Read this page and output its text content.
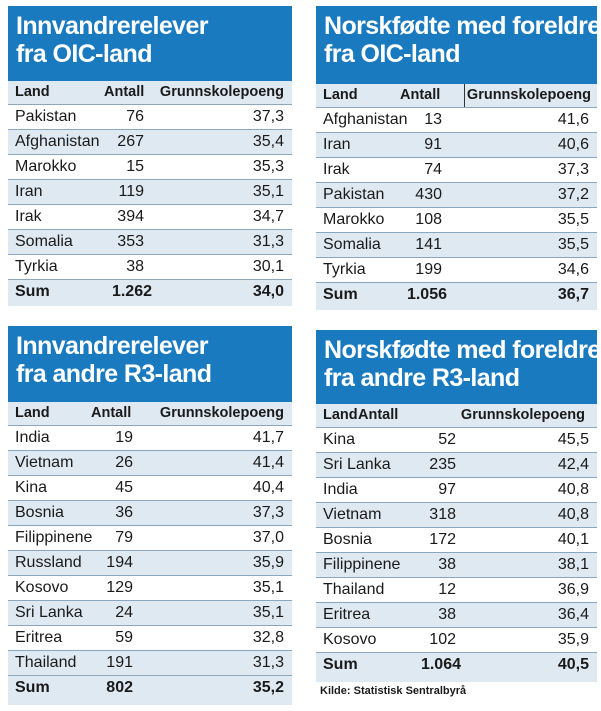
Innvandrerelever
fra OIC-land
Land	Antall Grunnskolepoeng
Pakistan	76	37,3
Afghanistan 267	35,4
Marokko	15	35,3
Iran	119	35,1
Irak	394	34,7
Somalia	353	31,3
Tyrkia	38	30,1
Sum	1.262	34,0
Norskfødte med foreldre
fra OIC-land
Land	Antall Grunnskolepoeng
Afghanistan 13	41,6
Iran	91	40,6
Irak	74	37,3
Pakistan 430	37,2
Marokko 108	35,5
Somalia 141	35,5
Tyrkia	199	34,6
Sum	1.056	36,7
Innvandrerelever
fra andre R3-land
Land	Antall Grunnskolepoeng
India	19	41,7
Vietnam	26	41,4
Kina	45	40,4
Bosnia	36	37,3
Filippinene 79	37,0
Russland 194	35,9
Kosovo 129	35,1
Sri Lanka 24	35,1
Eritrea	59	32,8
Thailand 191	31,3
Sum	802	35,2
Norskfødte med foreldre
fra andre R3-land
Land Antall	Grunnskolepoeng
Kina	52	45,5
Sri Lanka 235	42,4
India	97	40,8
Vietnam	318	40,8
Bosnia	172	40,1
Filippinene 38	38,1
Thailand	12	36,9
Eritrea	38	36,4
Kosovo	102	35,9
Sum	1.064	40,5
Kilde: Statistisk Sentralbyrå
